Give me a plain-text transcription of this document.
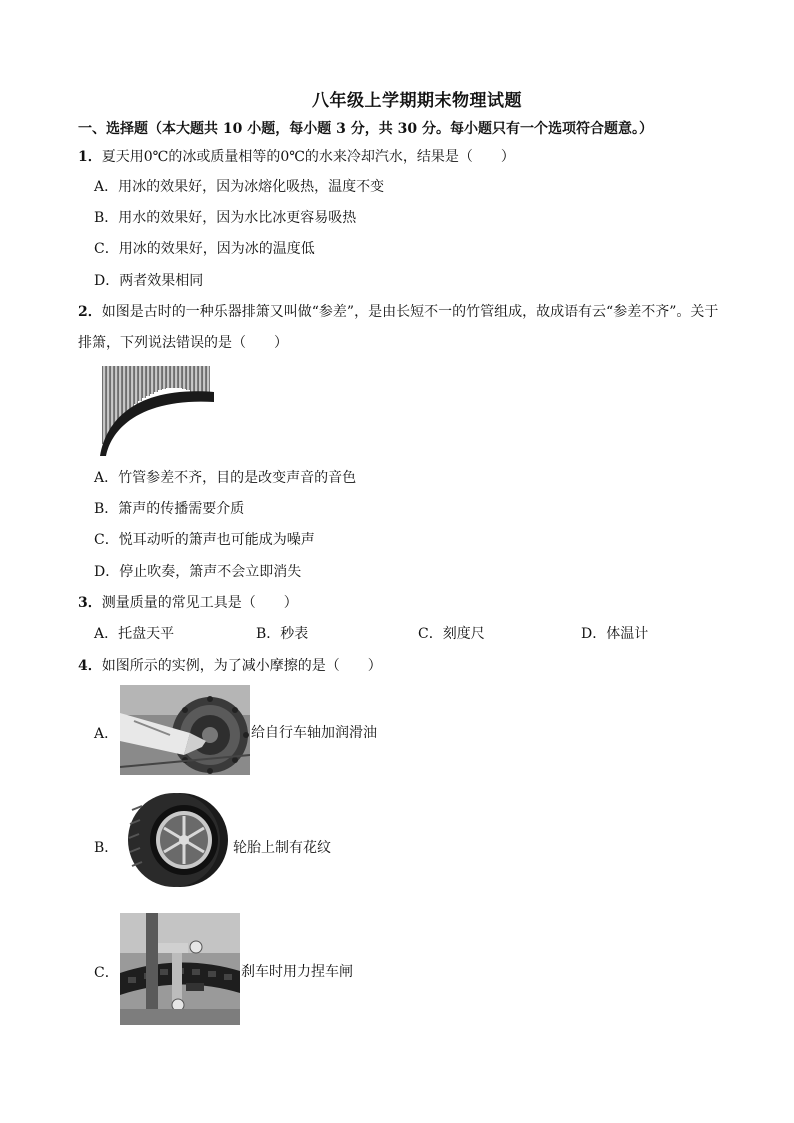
八年级上学期期末物理试题
一、选择题（本大题共 10 小题，每小题 3 分，共 30 分。每小题只有一个选项符合题意。）
1．夏天用0℃的冰或质量相等的0℃的水来冷却汽水，结果是（　　）
A．用冰的效果好，因为冰熔化吸热，温度不变
B．用水的效果好，因为水比冰更容易吸热
C．用冰的效果好，因为冰的温度低
D．两者效果相同
2．如图是古时的一种乐器排箫又叫做“参差”，是由长短不一的竹管组成，故成语有云“参差不齐”。关于
排箫，下列说法错误的是（　　）
A．竹管参差不齐，目的是改变声音的音色
B．箫声的传播需要介质
C．悦耳动听的箫声也可能成为噪声
D．停止吹奏，箫声不会立即消失
3．测量质量的常见工具是（　　）
A．托盘天平	B．秒表	C．刻度尺	D．体温计
4．如图所示的实例，为了减小摩擦的是（　　）
A．	给自行车轴加润滑油
B．	轮胎上制有花纹
C．	刹车时用力捏车闸
